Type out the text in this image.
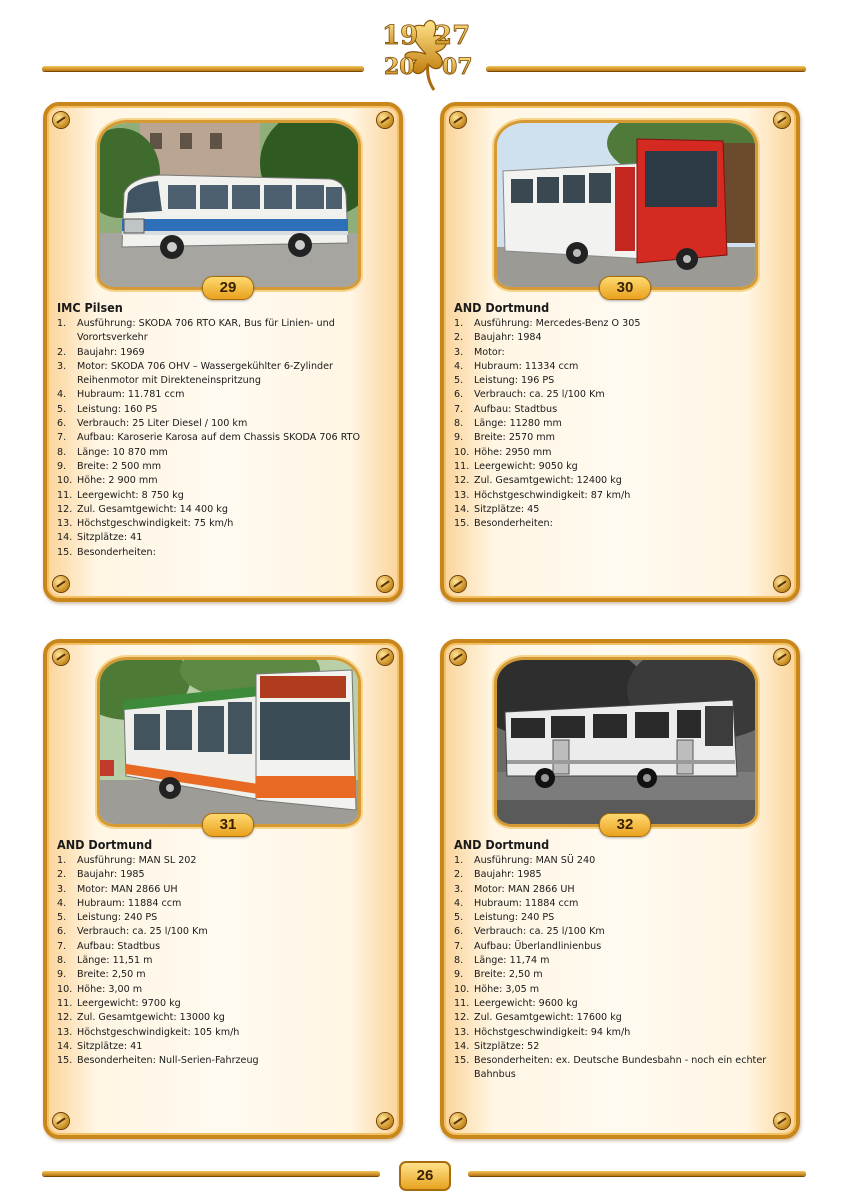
19 27
20 07
29
IMC Pilsen
1.	Ausführung: SKODA 706 RTO KAR, Bus für Linien- und Vorortsverkehr
2.	Baujahr: 1969
3.	Motor: SKODA 706 OHV – Wassergekühlter 6-Zylinder Reihenmotor mit Direkteneinspritzung
4.	Hubraum: 11.781 ccm
5.	Leistung: 160 PS
6.	Verbrauch: 25 Liter Diesel / 100 km
7.	Aufbau: Karoserie Karosa auf dem Chassis SKODA 706 RTO
8.	Länge: 10 870 mm
9.	Breite: 2 500 mm
10. Höhe: 2 900 mm
11. Leergewicht: 8 750 kg
12. Zul. Gesamtgewicht: 14 400 kg
13. Höchstgeschwindigkeit: 75 km/h
14. Sitzplätze: 41
15. Besonderheiten:
30
AND Dortmund
1.	Ausführung: Mercedes-Benz O 305
2.	Baujahr: 1984
3.	Motor:
4.	Hubraum: 11334 ccm
5.	Leistung: 196 PS
6.	Verbrauch: ca. 25 l/100 Km
7.	Aufbau: Stadtbus
8.	Länge: 11280 mm
9.	Breite: 2570 mm
10. Höhe: 2950 mm
11. Leergewicht: 9050 kg
12. Zul. Gesamtgewicht: 12400 kg
13. Höchstgeschwindigkeit: 87 km/h
14. Sitzplätze: 45
15. Besonderheiten:
31
AND Dortmund
1.	Ausführung: MAN SL 202
2.	Baujahr: 1985
3.	Motor: MAN 2866 UH
4.	Hubraum: 11884 ccm
5.	Leistung: 240 PS
6.	Verbrauch: ca. 25 l/100 Km
7.	Aufbau: Stadtbus
8.	Länge: 11,51 m
9.	Breite: 2,50 m
10. Höhe: 3,00 m
11. Leergewicht: 9700 kg
12. Zul. Gesamtgewicht: 13000 kg
13. Höchstgeschwindigkeit: 105 km/h
14. Sitzplätze: 41
15. Besonderheiten: Null-Serien-Fahrzeug
32
AND Dortmund
1.	Ausführung: MAN SÜ 240
2.	Baujahr: 1985
3.	Motor: MAN 2866 UH
4.	Hubraum: 11884 ccm
5.	Leistung: 240 PS
6.	Verbrauch: ca. 25 l/100 Km
7.	Aufbau: Überlandlinienbus
8.	Länge: 11,74 m
9.	Breite: 2,50 m
10. Höhe: 3,05 m
11. Leergewicht: 9600 kg
12. Zul. Gesamtgewicht: 17600 kg
13. Höchstgeschwindigkeit: 94 km/h
14. Sitzplätze: 52
15. Besonderheiten: ex. Deutsche Bundesbahn - noch ein echter Bahnbus
26
